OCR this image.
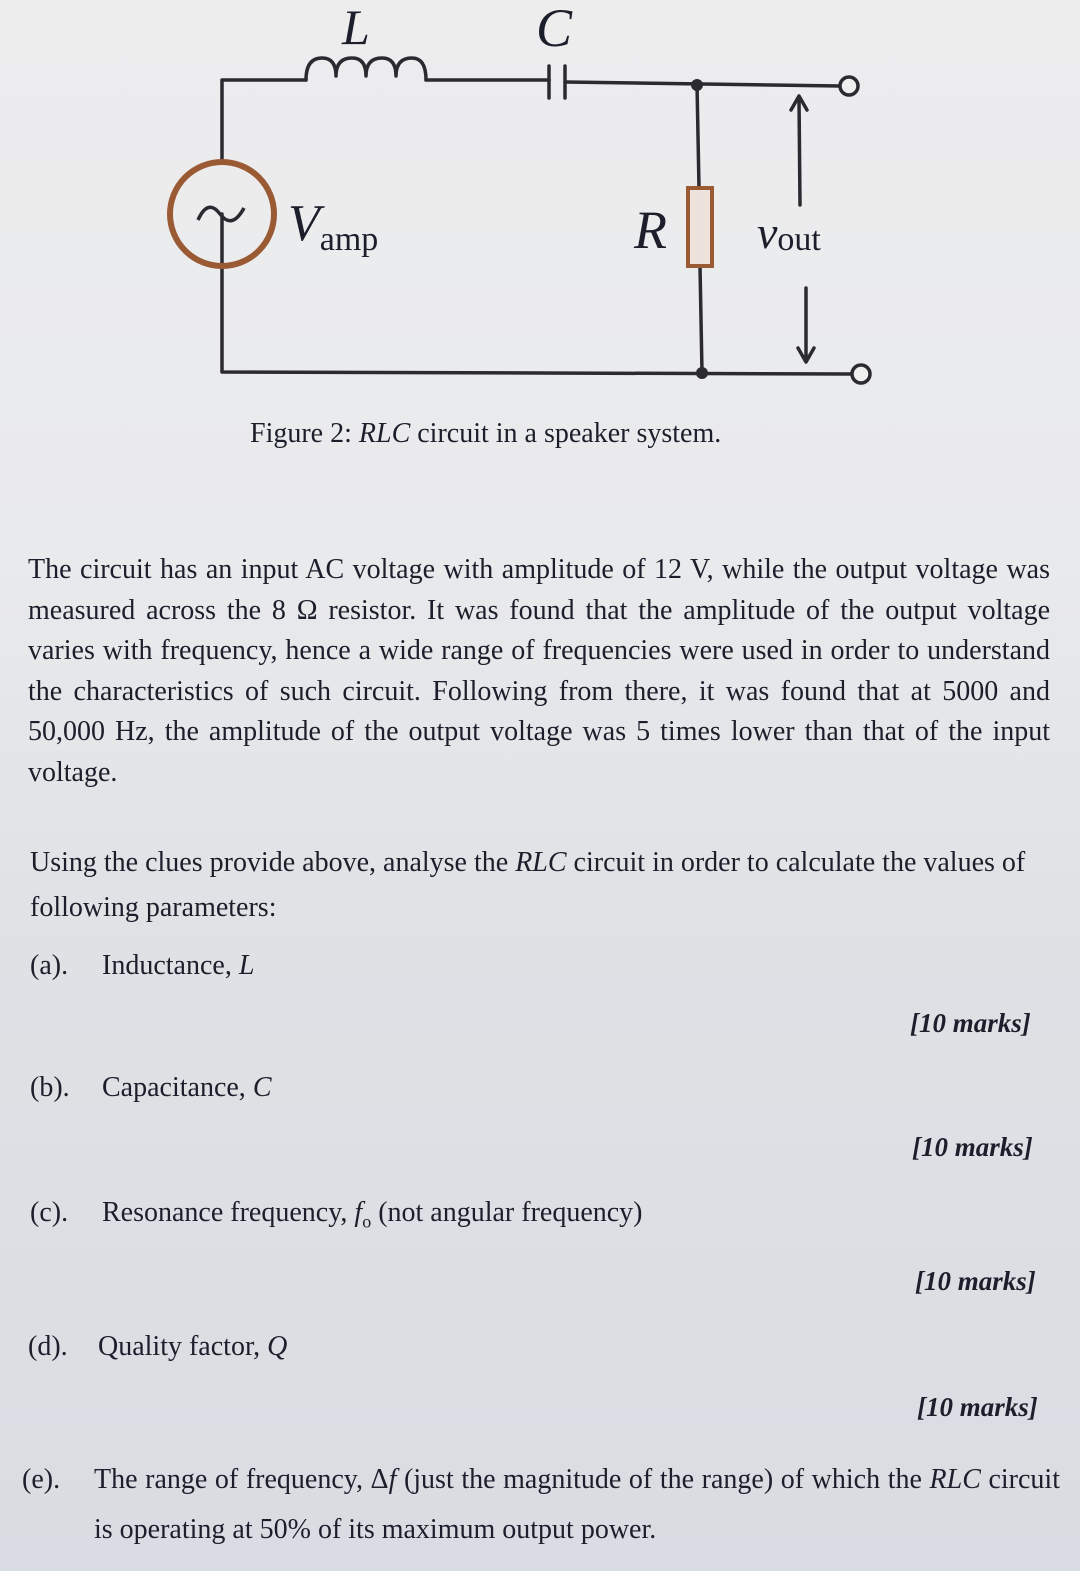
L	C
Vamp	R vout
Figure 2: RLC circuit in a speaker system.
The circuit has an input AC voltage with amplitude of 12 V, while the output voltage was measured across the 8 Ω resistor. It was found that the amplitude of the output voltage varies with frequency, hence a wide range of frequencies were used in order to understand the characteristics of such circuit. Following from there, it was found that at 5000 and 50,000 Hz, the amplitude of the output voltage was 5 times lower than that of the input voltage.
Using the clues provide above, analyse the RLC circuit in order to calculate the values of following parameters:
(a). Inductance, L
[10 marks]
(b). Capacitance, C
[10 marks]
(c). Resonance frequency, $f_o$ (not angular frequency)
[10 marks]
(d). Quality factor, Q
[10 marks]
(e). The range of frequency, Δf (just the magnitude of the range) of which the RLC circuit is operating at 50% of its maximum output power.
